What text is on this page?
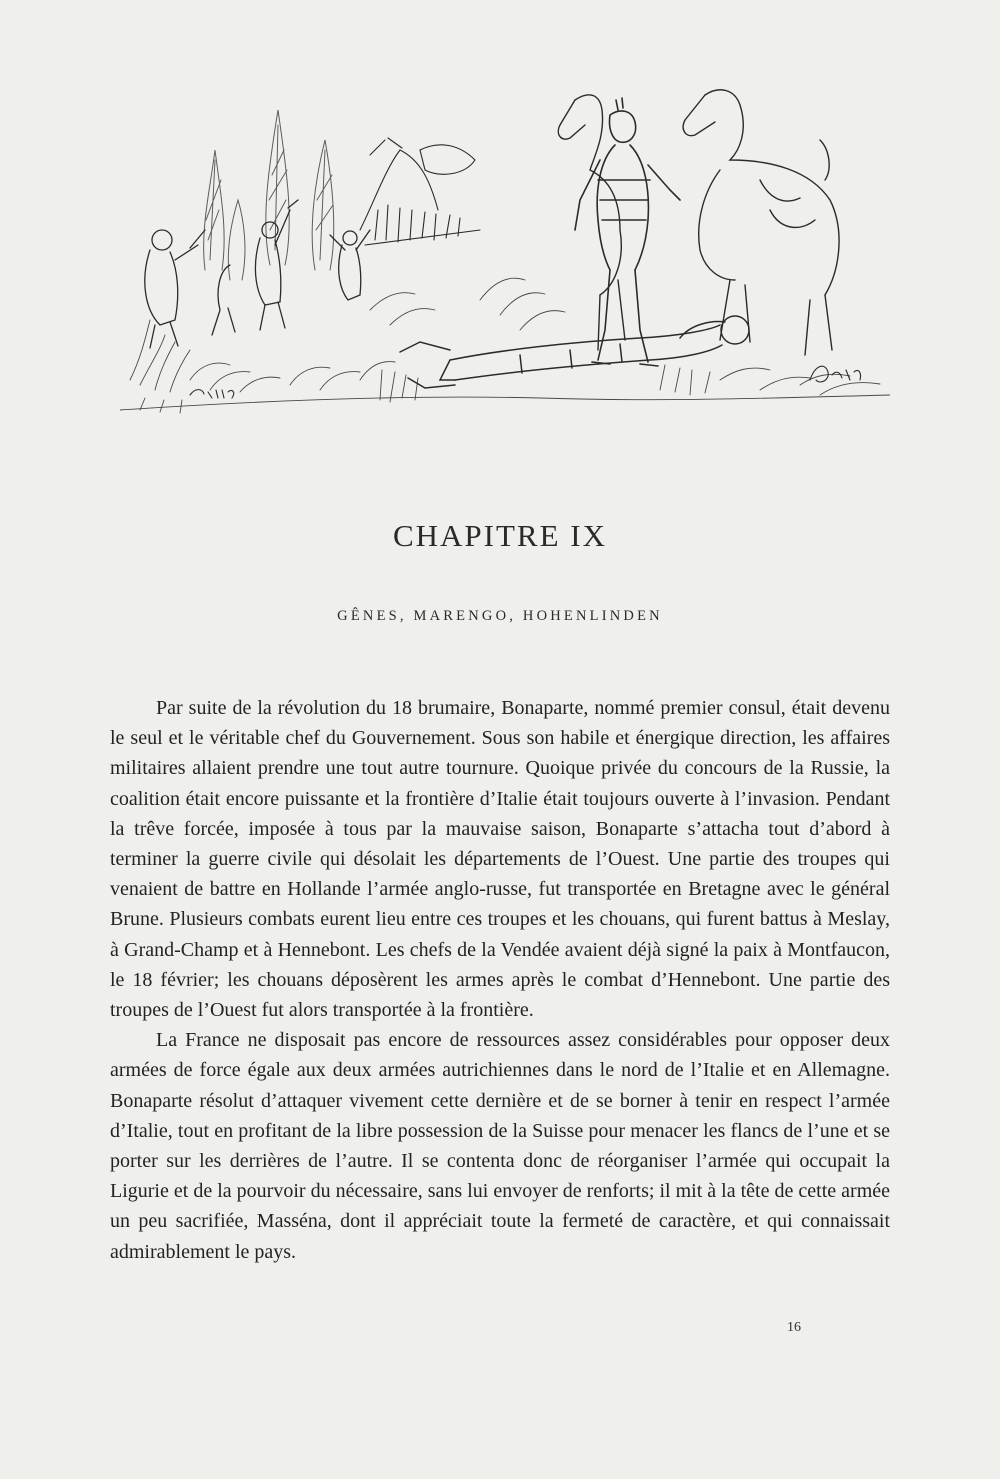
CHAPITRE IX
GÊNES, MARENGO, HOHENLINDEN

Par suite de la révolution du 18 brumaire, Bonaparte, nommé premier consul, était devenu le seul et le véritable chef du Gouvernement. Sous son habile et énergique direction, les affaires militaires allaient prendre une tout autre tournure. Quoique privée du concours de la Russie, la coalition était encore puissante et la frontière d’Italie était toujours ouverte à l’invasion. Pendant la trêve forcée, imposée à tous par la mauvaise saison, Bonaparte s’attacha tout d’abord à terminer la guerre civile qui désolait les départements de l’Ouest. Une partie des troupes qui venaient de battre en Hollande l’armée anglo-russe, fut transportée en Bretagne avec le général Brune. Plusieurs combats eurent lieu entre ces troupes et les chouans, qui furent battus à Meslay, à Grand-Champ et à Hennebont. Les chefs de la Vendée avaient déjà signé la paix à Montfaucon, le 18 février; les chouans déposèrent les armes après le combat d’Hennebont. Une partie des troupes de l’Ouest fut alors transportée à la frontière.

La France ne disposait pas encore de ressources assez considérables pour opposer deux armées de force égale aux deux armées autrichiennes dans le nord de l’Italie et en Allemagne. Bonaparte résolut d’attaquer vivement cette dernière et de se borner à tenir en respect l’armée d’Italie, tout en profitant de la libre possession de la Suisse pour menacer les flancs de l’une et se porter sur les derrières de l’autre. Il se contenta donc de réorganiser l’armée qui occupait la Ligurie et de la pourvoir du nécessaire, sans lui envoyer de renforts; il mit à la tête de cette armée un peu sacrifiée, Masséna, dont il appréciait toute la fermeté de caractère, et qui connaissait admirablement le pays.

16
